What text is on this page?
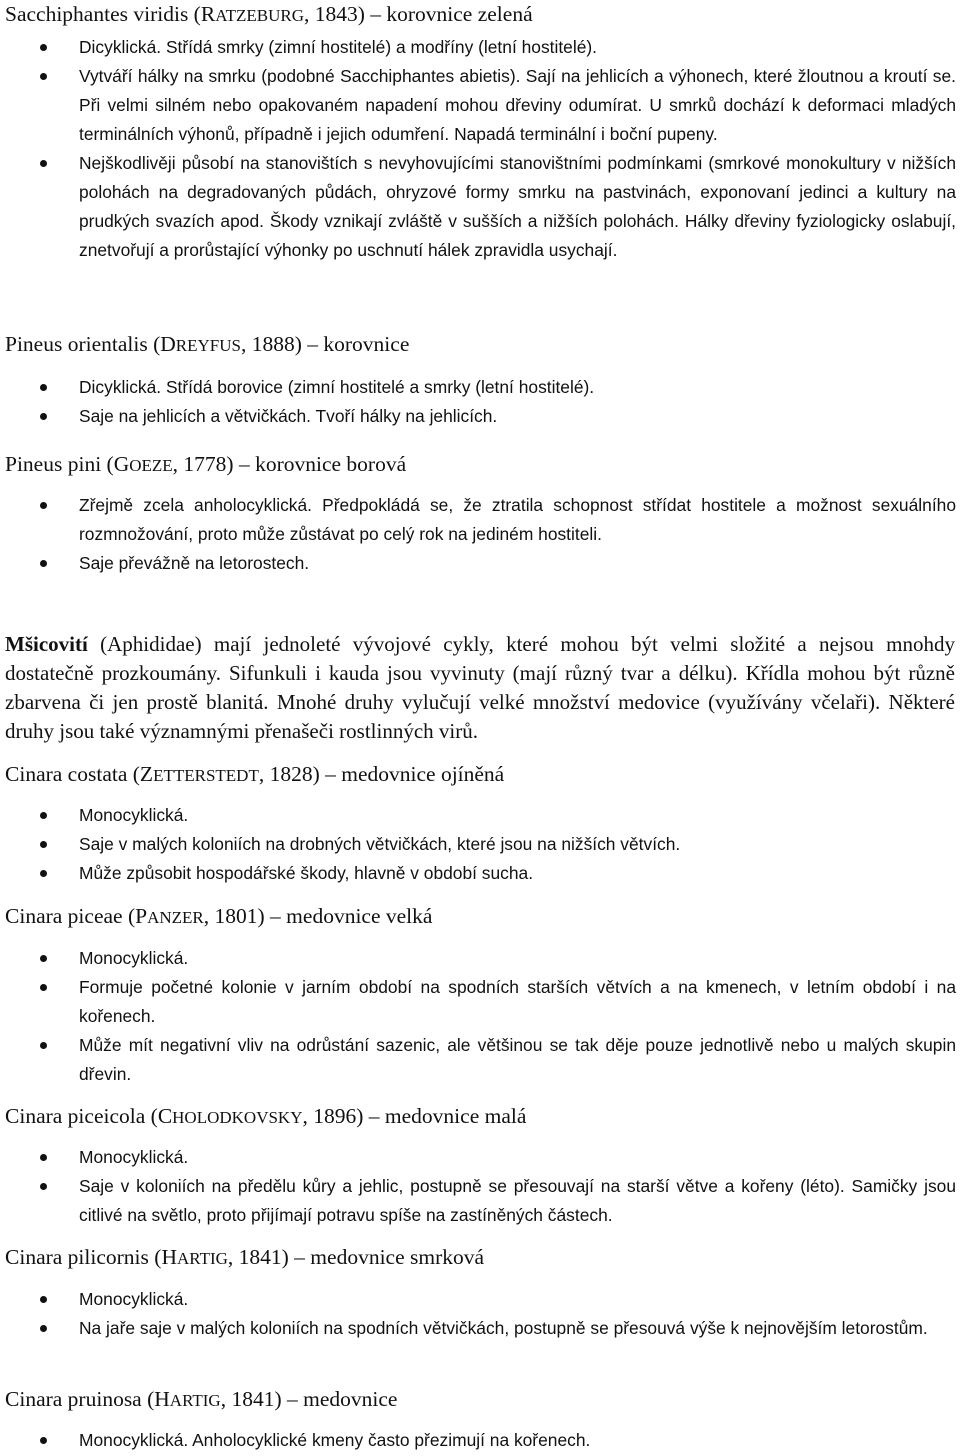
Sacchiphantes viridis (RATZEBURG, 1843) – korovnice zelená
Dicyklická. Střídá smrky (zimní hostitelé) a modříny (letní hostitelé).
Vytváří hálky na smrku (podobné Sacchiphantes abietis). Sají na jehlicích a výhonech, které žloutnou a kroutí se. Při velmi silném nebo opakovaném napadení mohou dřeviny odumírat. U smrků dochází k deformaci mladých terminálních výhonů, případně i jejich odumření. Napadá terminální i boční pupeny.
Nejškodlivěji působí na stanovištích s nevyhovujícími stanovištními podmínkami (smrkové monokultury v nižších polohách na degradovaných půdách, ohryzové formy smrku na pastvinách, exponovaní jedinci a kultury na prudkých svazích apod. Škody vznikají zvláště v sušších a nižších polohách. Hálky dřeviny fyziologicky oslabují, znetvořují a prorůstající výhonky po uschnutí hálek zpravidla usychají.
Pineus orientalis (DREYFUS, 1888) – korovnice
Dicyklická. Střídá borovice (zimní hostitelé a smrky (letní hostitelé).
Saje na jehlicích a větvičkách. Tvoří hálky na jehlicích.
Pineus pini (GOEZE, 1778) – korovnice borová
Zřejmě zcela anholocyklická. Předpokládá se, že ztratila schopnost střídat hostitele a možnost sexuálního rozmnožování, proto může zůstávat po celý rok na jediném hostiteli.
Saje převážně na letorostech.
Mšicovití (Aphididae) mají jednoleté vývojové cykly, které mohou být velmi složité a nejsou mnohdy dostatečně prozkoumány. Sifunkuli i kauda jsou vyvinuty (mají různý tvar a délku). Křídla mohou být různě zbarvena či jen prostě blanitá. Mnohé druhy vylučují velké množství medovice (využívány včelaři). Některé druhy jsou také významnými přenašeči rostlinných virů.
Cinara costata (ZETTERSTEDT, 1828) – medovnice ojíněná
Monocyklická.
Saje v malých koloniích na drobných větvičkách, které jsou na nižších větvích.
Může způsobit hospodářské škody, hlavně v období sucha.
Cinara piceae (PANZER, 1801) – medovnice velká
Monocyklická.
Formuje početné kolonie v jarním období na spodních starších větvích a na kmenech, v letním období i na kořenech.
Může mít negativní vliv na odrůstání sazenic, ale většinou se tak děje pouze jednotlivě nebo u malých skupin dřevin.
Cinara piceicola (CHOLODKOVSKY, 1896) – medovnice malá
Monocyklická.
Saje v koloniích na předělu kůry a jehlic, postupně se přesouvají na starší větve a kořeny (léto). Samičky jsou citlivé na světlo, proto přijímají potravu spíše na zastíněných částech.
Cinara pilicornis (HARTIG, 1841) – medovnice smrková
Monocyklická.
Na jaře saje v malých koloniích na spodních větvičkách, postupně se přesouvá výše k nejnovějším letorostům.
Cinara pruinosa (HARTIG, 1841) – medovnice
Monocyklická. Anholocyklické kmeny často přezimují na kořenech.
